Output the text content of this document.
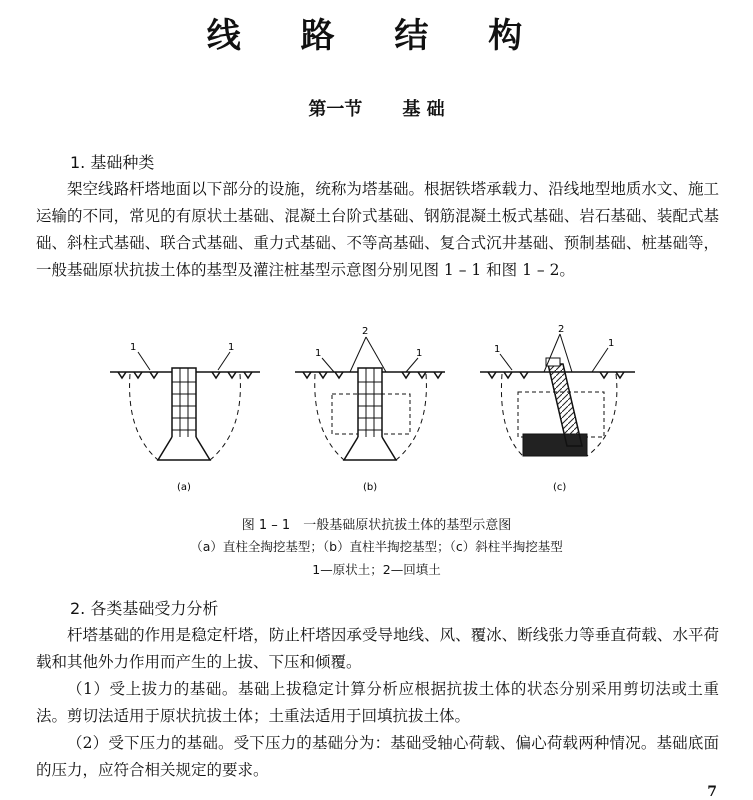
线 路 结 构
第一节 基 础
1. 基础种类
架空线路杆塔地面以下部分的设施，统称为塔基础。根据铁塔承载力、沿线地型地质水文、施工运输的不同，常见的有原状土基础、混凝土台阶式基础、钢筋混凝土板式基础、岩石基础、装配式基础、斜柱式基础、联合式基础、重力式基础、不等高基础、复合式沉井基础、预制基础、桩基础等，一般基础原状抗拔土体的基型及灌注桩基型示意图分别见图 1 – 1 和图 1 – 2。
1	1
(a)
1
2
1
(b)
1
2
1
(c)
图 1 – 1　一般基础原状抗拔土体的基型示意图
（a）直柱全掏挖基型；（b）直柱半掏挖基型；（c）斜柱半掏挖基型
1—原状土；2—回填土
2. 各类基础受力分析
杆塔基础的作用是稳定杆塔，防止杆塔因承受导地线、风、覆冰、断线张力等垂直荷载、水平荷载和其他外力作用而产生的上拔、下压和倾覆。
（1）受上拔力的基础。基础上拔稳定计算分析应根据抗拔土体的状态分别采用剪切法或土重法。剪切法适用于原状抗拔土体；土重法适用于回填抗拔土体。
（2）受下压力的基础。受下压力的基础分为：基础受轴心荷载、偏心荷载两种情况。基础底面的压力，应符合相关规定的要求。
7
